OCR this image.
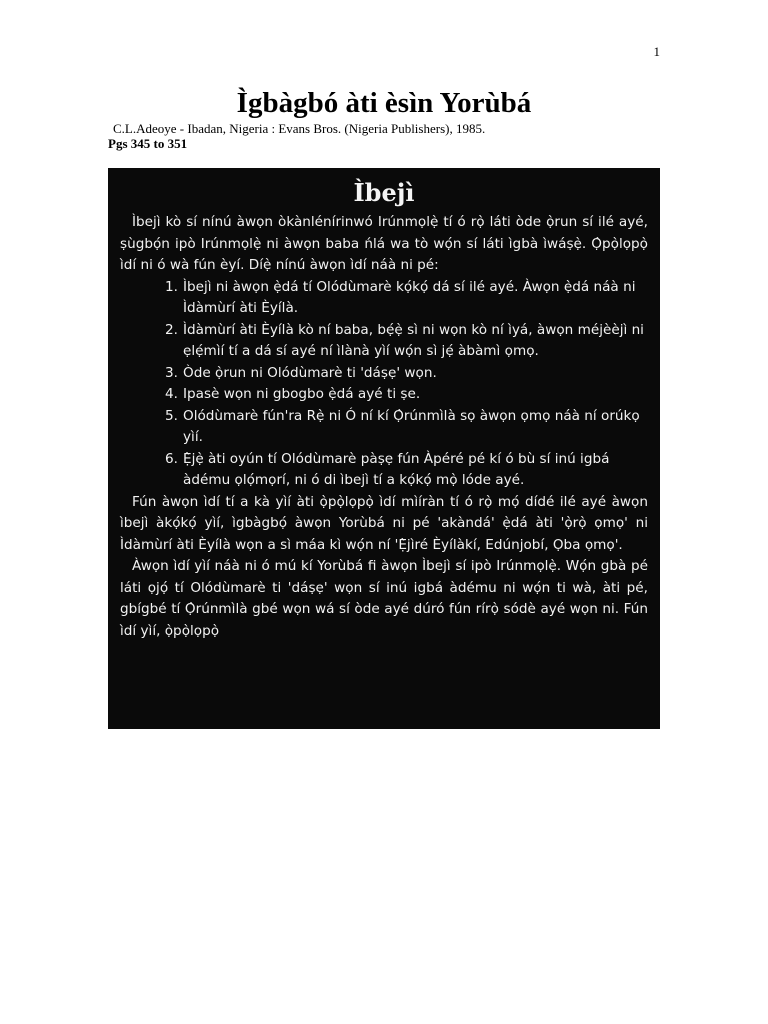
1
Ìgbàgbó àti èsìn Yorùbá
C.L.Adeoye - Ibadan, Nigeria : Evans Bros. (Nigeria Publishers), 1985.
Pgs 345 to 351
Ìbejì

Ìbejì kò sí nínú àwọn òkànlénírinwó Irúnmọlẹ̀ tí ó rọ̀ láti òde ọ̀run sí ilé ayé, ṣùgbọ́n ipò Irúnmọlẹ̀ ni àwọn baba ńlá wa tò wọ́n sí láti ìgbà ìwáṣẹ̀. Ọ̀pọ̀lọpọ̀ ìdí ni ó wà fún èyí. Díẹ̀ nínú àwọn ìdí náà ni pé:

1. Ìbejì ni àwọn ẹ̀dá tí Olódùmarè kọ́kọ́ dá sí ilé ayé. Àwọn ẹ̀dá náà ni Ìdàmùrí àti Èyílà.
2. Ìdàmùrí àti Èyílà kò ní baba, bẹ́ẹ̀ sì ni wọn kò ní ìyá, àwọn méjèèjì ni ẹlẹ́mìí tí a dá sí ayé ní ìlànà yìí wọ́n sì jẹ́ àbàmì ọmọ.
3. Òde ọ̀run ni Olódùmarè ti 'dáṣẹ' wọn.
4. Ipasè wọn ni gbogbo ẹ̀dá ayé ti ṣe.
5. Olódùmarè fún'ra Rẹ̀ ni Ó ní kí Ọ̀rúnmìlà sọ àwọn ọmọ náà ní orúkọ yìí.
6. Ẹ̀jẹ̀ àti oyún tí Olódùmarè pàṣẹ fún Àpéré pé kí ó bù sí inú igbá àdému ọlọ́mọrí, ni ó di ìbejì tí a kọ́kọ́ mọ̀ lóde ayé.

Fún àwọn ìdí tí a kà yìí àti ọ̀pọ̀lọpọ̀ ìdí mìíràn tí ó rọ̀ mọ́ dídé ilé ayé àwọn ìbejì àkọ́kọ́ yìí, ìgbàgbọ́ àwọn Yorùbá ni pé 'akàndá' ẹ̀dá àti 'ọ̀rọ̀ ọmọ' ni Ìdàmùrí àti Èyílà wọn a sì máa kì wọ́n ní 'Ẹ̀jìré Èyílàkí, Edúnjobí, Ọba ọmọ'.

Àwọn ìdí yìí náà ni ó mú kí Yorùbá fi àwọn Ìbejì sí ipò Irúnmọlẹ̀. Wọ́n gbà pé láti ọjọ́ tí Olódùmarè ti 'dáṣẹ' wọn sí inú igbá àdému ni wọ́n ti wà, àti pé, gbígbé tí Ọ̀rúnmìlà gbé wọn wá sí òde ayé dúró fún rírọ̀ sódè ayé wọn ni. Fún ìdí yìí, ọ̀pọ̀lọpọ̀
